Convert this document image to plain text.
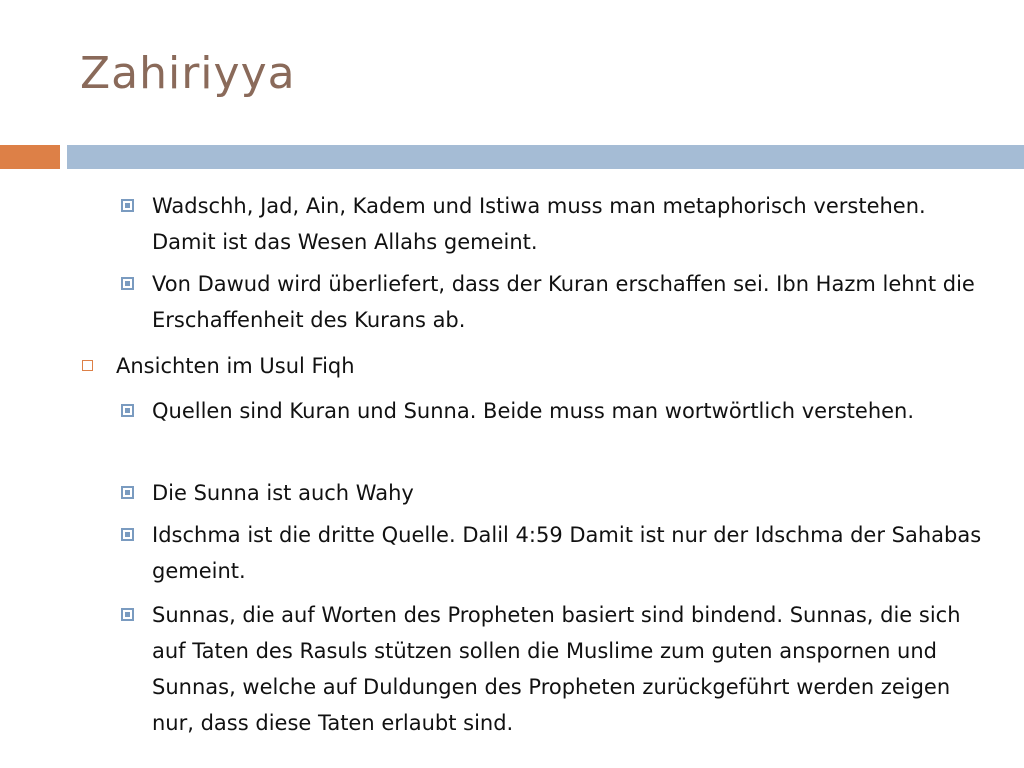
Zahiriyya
Wadschh, Jad, Ain, Kadem und Istiwa muss man metaphorisch verstehen. Damit ist das Wesen Allahs gemeint.
Von Dawud wird überliefert, dass der Kuran erschaffen sei. Ibn Hazm lehnt die Erschaffenheit des Kurans ab.
Ansichten im Usul Fiqh
Quellen sind Kuran und Sunna. Beide muss man wortwörtlich verstehen.
Die Sunna ist auch Wahy
Idschma ist die dritte Quelle. Dalil 4:59 Damit ist nur der Idschma der Sahabas gemeint.
Sunnas, die auf Worten des Propheten basiert sind bindend. Sunnas, die sich auf Taten des Rasuls stützen sollen die Muslime zum guten anspornen und Sunnas, welche auf Duldungen des Propheten zurückgeführt werden zeigen nur, dass diese Taten erlaubt sind.
